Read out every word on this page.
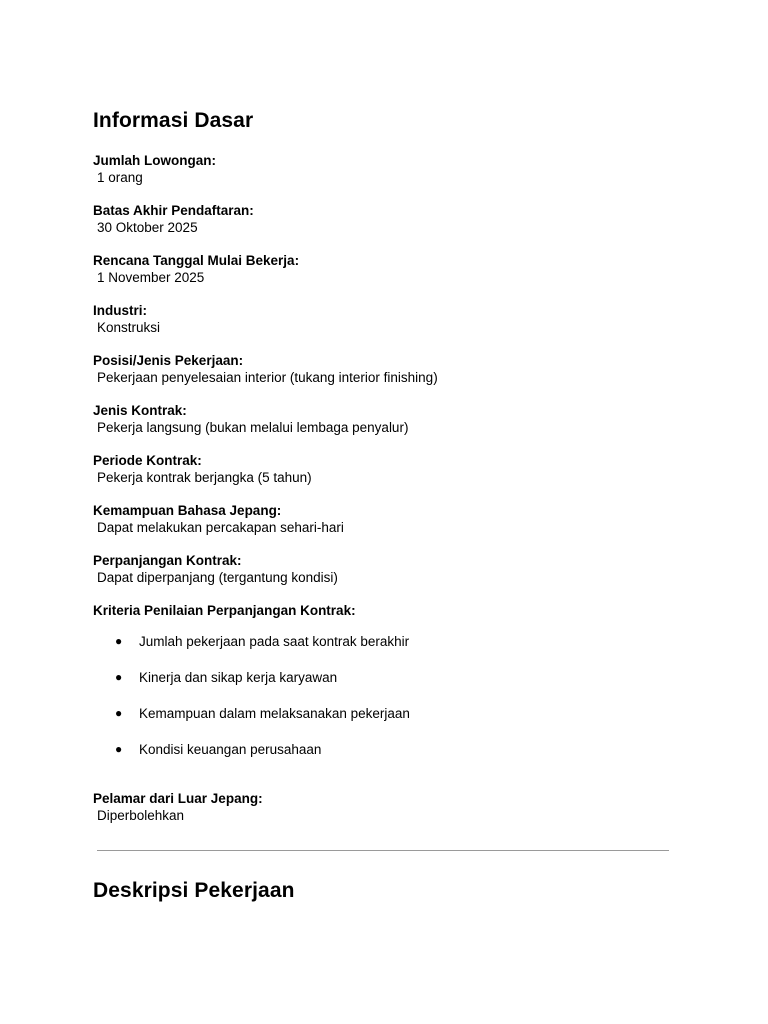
Informasi Dasar
Jumlah Lowongan:
1 orang
Batas Akhir Pendaftaran:
30 Oktober 2025
Rencana Tanggal Mulai Bekerja:
1 November 2025
Industri:
Konstruksi
Posisi/Jenis Pekerjaan:
Pekerjaan penyelesaian interior (tukang interior finishing)
Jenis Kontrak:
Pekerja langsung (bukan melalui lembaga penyalur)
Periode Kontrak:
Pekerja kontrak berjangka (5 tahun)
Kemampuan Bahasa Jepang:
Dapat melakukan percakapan sehari-hari
Perpanjangan Kontrak:
Dapat diperpanjang (tergantung kondisi)
Kriteria Penilaian Perpanjangan Kontrak:
● Jumlah pekerjaan pada saat kontrak berakhir
● Kinerja dan sikap kerja karyawan
● Kemampuan dalam melaksanakan pekerjaan
● Kondisi keuangan perusahaan
Pelamar dari Luar Jepang:
Diperbolehkan
Deskripsi Pekerjaan
